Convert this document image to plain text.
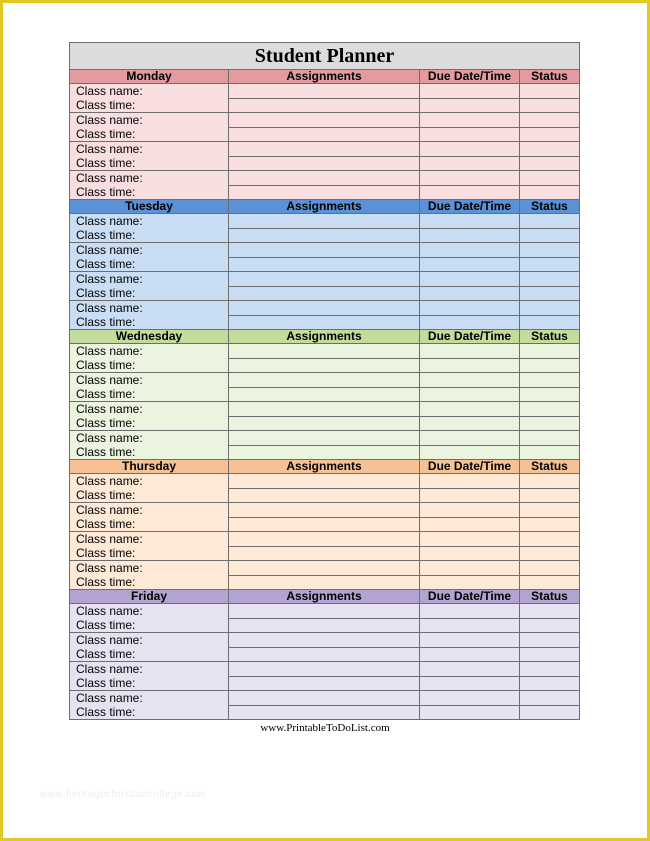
Student Planner			
Monday	Assignments	Due Date/Time	Status

Class name:
Class time:			

Class name:
Class time:			

Class name:
Class time:			

Class name:
Class time:			

Tuesday	Assignments	Due Date/Time	Status

Class name:
Class time:			

Class name:
Class time:			

Class name:
Class time:			

Class name:
Class time:			

Wednesday	Assignments	Due Date/Time	Status

Class name:
Class time:			

Class name:
Class time:			

Class name:
Class time:			

Class name:
Class time:			

Thursday	Assignments	Due Date/Time	Status

Class name:
Class time:			

Class name:
Class time:			

Class name:
Class time:			

Class name:
Class time:			

Friday	Assignments	Due Date/Time	Status

Class name:
Class time:			

Class name:
Class time:			

Class name:
Class time:			

Class name:
Class time:			

www.PrintableToDoList.com
www.heritagechristiancollege.com
